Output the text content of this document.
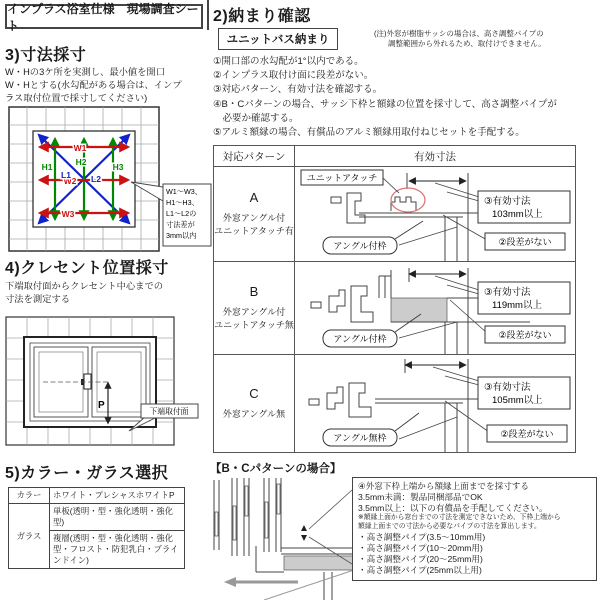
インプラス浴室仕様　現場調査シート
2)納まり確認
ユニットバス納まり
(注)外窓が樹脂サッシの場合は、高さ調整パイプの
調整範囲から外れるため、取付けできません。
①開口部の水勾配が1°以内である。
②インプラス取付け面に段差がない。
③対応パターン、有効寸法を確認する。
④B・Cパターンの場合、サッシ下枠と額縁の位置を採寸して、高さ調整パイプが
　必要か確認する。
⑤アルミ額縁の場合、有償品のアルミ額縁用取付ねじセットを手配する。
対応パターン	有効寸法

A
外窓アングル付
ユニットアタッチ有

ユニットアタッチ
③有効寸法
103mm以上
②段差がない
アングル付枠

B
外窓アングル付
ユニットアタッチ無

③有効寸法
119mm以上
②段差がない
アングル付枠

C
外窓アングル無

③有効寸法
105mm以上
②段差がない
アングル無枠
【B・Cパターンの場合】
④外窓下枠上端から額縁上面までを採寸する
3.5mm未満：製品同梱部品でOK
3.5mm以上：以下の有償品を手配してください。
※額縁上面から窓台までの寸法を測定できないため、下枠上端から
額縁上面までの寸法から必要なパイプの寸法を算出します。
・高さ調整パイプ(3.5〜10mm用)
・高さ調整パイプ(10〜20mm用)
・高さ調整パイプ(20〜25mm用)
・高さ調整パイプ(25mm以上用)
3)寸法採寸
W・Hの3ケ所を実測し、最小値を開口
W・Hとする(水勾配がある場合は、インプ
ラス取付位置で採寸してください)
W1
W2
W3
H1	H2	H3
L1 L2
W1〜W3、
H1〜H3、
L1〜L2の
寸法差が
3mm以内
4)クレセント位置採寸
下端取付面からクレセント中心までの
寸法を測定する
P
下端取付面
5)カラー・ガラス選択
カラー	ホワイト・プレシャスホワイトP
ガラス	単板(透明・型・強化透明・強化型)
	複層(透明・型・強化透明・強化型・フロスト・防犯乳白・ブラインドイン)
